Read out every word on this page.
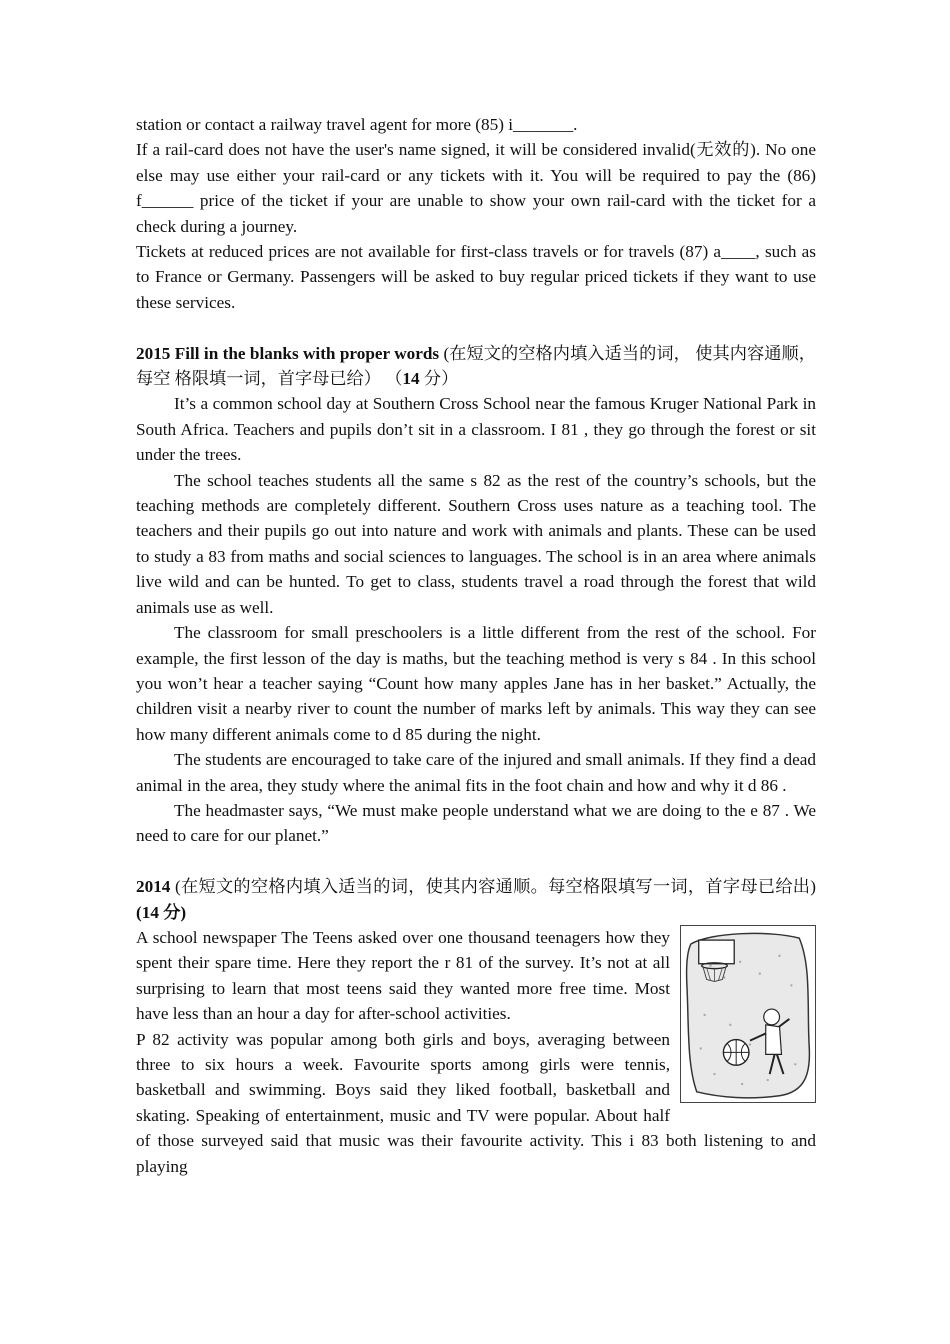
station or contact a railway travel agent for more (85) i_______.

If a rail-card does not have the user's name signed, it will be considered invalid(无效的). No one else may use either your rail-card or any tickets with it. You will be required to pay the (86) f______ price of the ticket if your are unable to show your own rail-card with the ticket for a check during a journey.

Tickets at reduced prices are not available for first-class travels or for travels (87) a____, such as to France or Germany. Passengers will be asked to buy regular priced tickets if they want to use these services.

2015 Fill in the blanks with proper words (在短文的空格内填入适当的词， 使其内容通顺， 每空 格限填一词，首字母已给） （14 分）

It’s a common school day at Southern Cross School near the famous Kruger National Park in South Africa. Teachers and pupils don’t sit in a classroom. I 81 , they go through the forest or sit under the trees.

The school teaches students all the same s 82 as the rest of the country’s schools, but the teaching methods are completely different. Southern Cross uses nature as a teaching tool. The teachers and their pupils go out into nature and work with animals and plants. These can be used to study a 83 from maths and social sciences to languages. The school is in an area where animals live wild and can be hunted. To get to class, students travel a road through the forest that wild animals use as well.

The classroom for small preschoolers is a little different from the rest of the school. For example, the first lesson of the day is maths, but the teaching method is very s 84 . In this school you won’t hear a teacher saying “Count how many apples Jane has in her basket.” Actually, the children visit a nearby river to count the number of marks left by animals. This way they can see how many different animals come to d 85 during the night.

The students are encouraged to take care of the injured and small animals. If they find a dead animal in the area, they study where the animal fits in the foot chain and how and why it d 86 .

The headmaster says, “We must make people understand what we are doing to the e 87 . We need to care for our planet.”

2014 (在短文的空格内填入适当的词，使其内容通顺。每空格限填写一词，首字母已给出) (14 分)

A school newspaper The Teens asked over one thousand teenagers how they spent their spare time. Here they report the r 81 of the survey. It’s not at all surprising to learn that most teens said they wanted more free time. Most have less than an hour a day for after-school activities.

P 82 activity was popular among both girls and boys, averaging between three to six hours a week. Favourite sports among girls were tennis, basketball and swimming. Boys said they liked football, basketball and skating. Speaking of entertainment, music and TV were popular. About half of those surveyed said that music was their favourite activity. This i 83 both listening to and playing
